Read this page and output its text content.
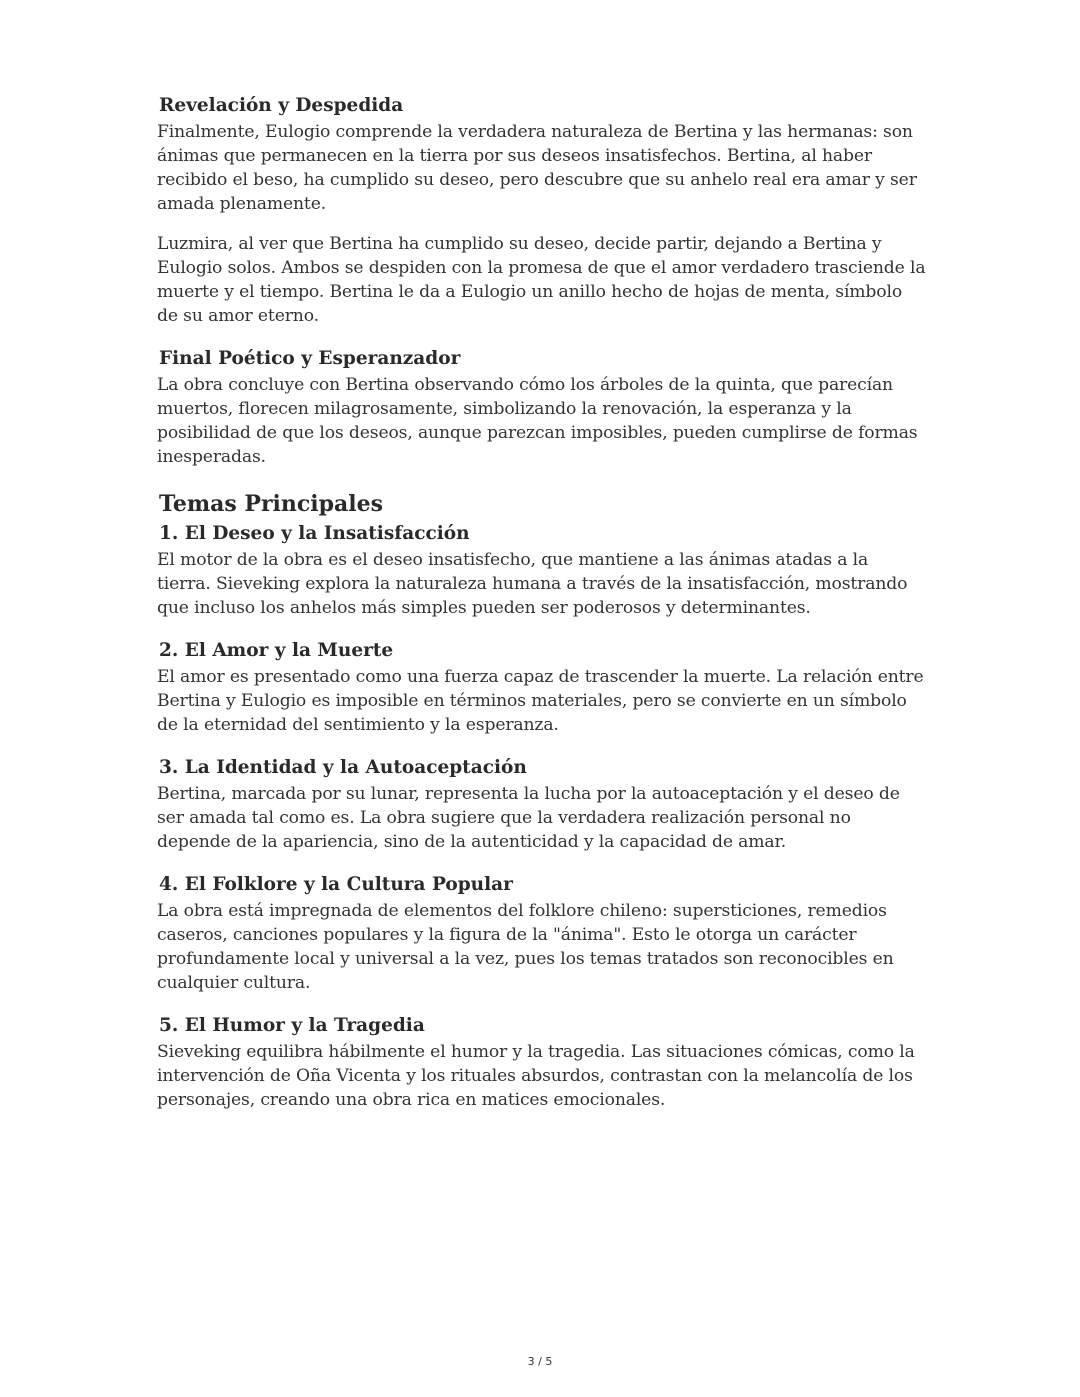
Revelación y Despedida

Finalmente, Eulogio comprende la verdadera naturaleza de Bertina y las hermanas: son ánimas que permanecen en la tierra por sus deseos insatisfechos. Bertina, al haber recibido el beso, ha cumplido su deseo, pero descubre que su anhelo real era amar y ser amada plenamente.

Luzmira, al ver que Bertina ha cumplido su deseo, decide partir, dejando a Bertina y Eulogio solos. Ambos se despiden con la promesa de que el amor verdadero trasciende la muerte y el tiempo. Bertina le da a Eulogio un anillo hecho de hojas de menta, símbolo de su amor eterno.

Final Poético y Esperanzador

La obra concluye con Bertina observando cómo los árboles de la quinta, que parecían muertos, florecen milagrosamente, simbolizando la renovación, la esperanza y la posibilidad de que los deseos, aunque parezcan imposibles, pueden cumplirse de formas inesperadas.

Temas Principales
1. El Deseo y la Insatisfacción

El motor de la obra es el deseo insatisfecho, que mantiene a las ánimas atadas a la tierra. Sieveking explora la naturaleza humana a través de la insatisfacción, mostrando que incluso los anhelos más simples pueden ser poderosos y determinantes.

2. El Amor y la Muerte

El amor es presentado como una fuerza capaz de trascender la muerte. La relación entre Bertina y Eulogio es imposible en términos materiales, pero se convierte en un símbolo de la eternidad del sentimiento y la esperanza.

3. La Identidad y la Autoaceptación

Bertina, marcada por su lunar, representa la lucha por la autoaceptación y el deseo de ser amada tal como es. La obra sugiere que la verdadera realización personal no depende de la apariencia, sino de la autenticidad y la capacidad de amar.

4. El Folklore y la Cultura Popular

La obra está impregnada de elementos del folklore chileno: supersticiones, remedios caseros, canciones populares y la figura de la "ánima". Esto le otorga un carácter profundamente local y universal a la vez, pues los temas tratados son reconocibles en cualquier cultura.

5. El Humor y la Tragedia

Sieveking equilibra hábilmente el humor y la tragedia. Las situaciones cómicas, como la intervención de Oña Vicenta y los rituales absurdos, contrastan con la melancolía de los personajes, creando una obra rica en matices emocionales.

3 / 5
